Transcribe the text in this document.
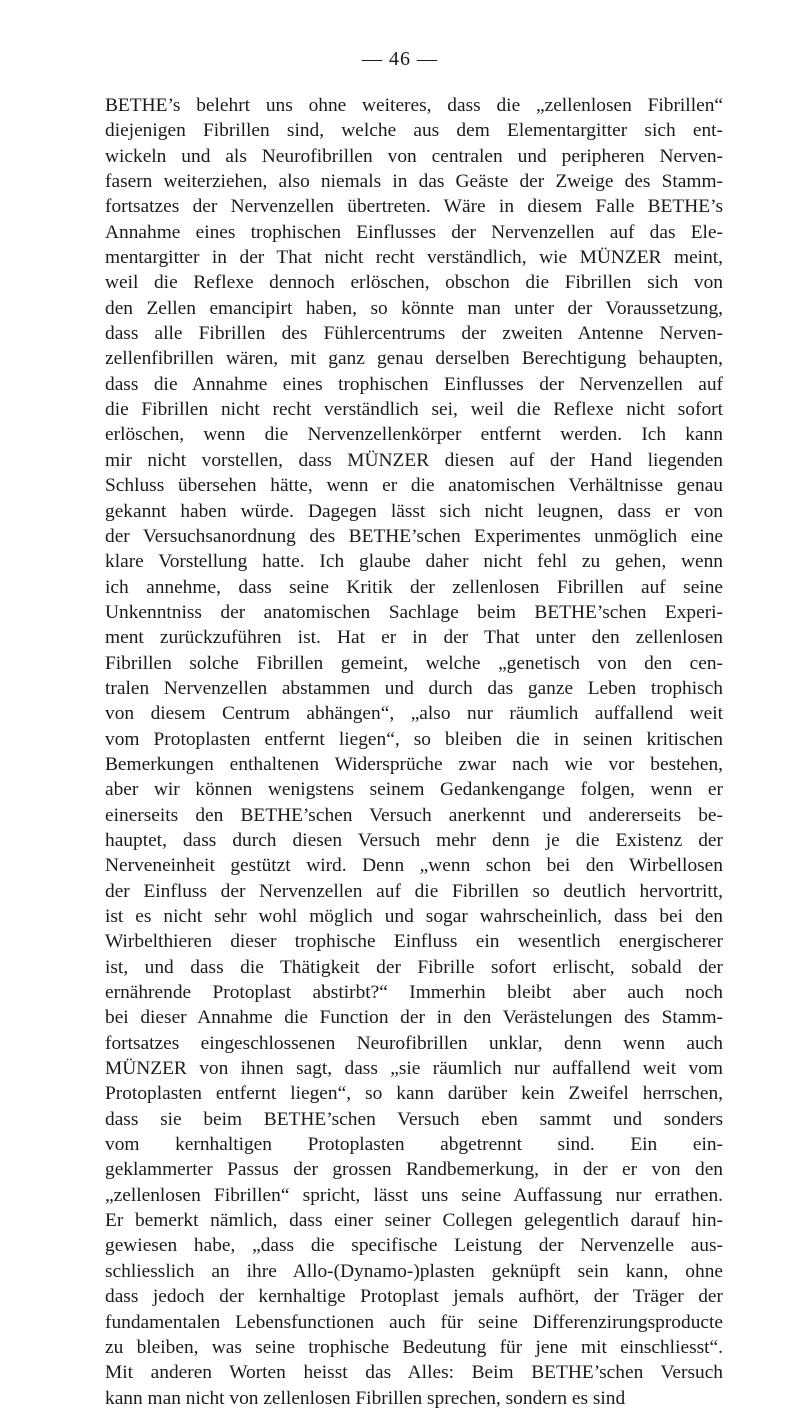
— 46 —
BETHE’s belehrt uns ohne weiteres, dass die „zellenlosen Fibrillen“
diejenigen Fibrillen sind, welche aus dem Elementargitter sich ent-
wickeln und als Neurofibrillen von centralen und peripheren Nerven-
fasern weiterziehen, also niemals in das Geäste der Zweige des Stamm-
fortsatzes der Nervenzellen übertreten. Wäre in diesem Falle BETHE’s
Annahme eines trophischen Einflusses der Nervenzellen auf das Ele-
mentargitter in der That nicht recht verständlich, wie MÜNZER meint,
weil die Reflexe dennoch erlöschen, obschon die Fibrillen sich von
den Zellen emancipirt haben, so könnte man unter der Voraussetzung,
dass alle Fibrillen des Fühlercentrums der zweiten Antenne Nerven-
zellenfibrillen wären, mit ganz genau derselben Berechtigung behaupten,
dass die Annahme eines trophischen Einflusses der Nervenzellen auf
die Fibrillen nicht recht verständlich sei, weil die Reflexe nicht sofort
erlöschen, wenn die Nervenzellenkörper entfernt werden. Ich kann
mir nicht vorstellen, dass MÜNZER diesen auf der Hand liegenden
Schluss übersehen hätte, wenn er die anatomischen Verhältnisse genau
gekannt haben würde. Dagegen lässt sich nicht leugnen, dass er von
der Versuchsanordnung des BETHE’schen Experimentes unmöglich eine
klare Vorstellung hatte. Ich glaube daher nicht fehl zu gehen, wenn
ich annehme, dass seine Kritik der zellenlosen Fibrillen auf seine
Unkenntniss der anatomischen Sachlage beim BETHE’schen Experi-
ment zurückzuführen ist. Hat er in der That unter den zellenlosen
Fibrillen solche Fibrillen gemeint, welche „genetisch von den cen-
tralen Nervenzellen abstammen und durch das ganze Leben trophisch
von diesem Centrum abhängen“, „also nur räumlich auffallend weit
vom Protoplasten entfernt liegen“, so bleiben die in seinen kritischen
Bemerkungen enthaltenen Widersprüche zwar nach wie vor bestehen,
aber wir können wenigstens seinem Gedankengange folgen, wenn er
einerseits den BETHE’schen Versuch anerkennt und andererseits be-
hauptet, dass durch diesen Versuch mehr denn je die Existenz der
Nerveneinheit gestützt wird. Denn „wenn schon bei den Wirbellosen
der Einfluss der Nervenzellen auf die Fibrillen so deutlich hervortritt,
ist es nicht sehr wohl möglich und sogar wahrscheinlich, dass bei den
Wirbelthieren dieser trophische Einfluss ein wesentlich energischerer
ist, und dass die Thätigkeit der Fibrille sofort erlischt, sobald der
ernährende Protoplast abstirbt?“ Immerhin bleibt aber auch noch
bei dieser Annahme die Function der in den Verästelungen des Stamm-
fortsatzes eingeschlossenen Neurofibrillen unklar, denn wenn auch
MÜNZER von ihnen sagt, dass „sie räumlich nur auffallend weit vom
Protoplasten entfernt liegen“, so kann darüber kein Zweifel herrschen,
dass sie beim BETHE’schen Versuch eben sammt und sonders
vom kernhaltigen Protoplasten abgetrennt sind. Ein ein-
geklammerter Passus der grossen Randbemerkung, in der er von den
„zellenlosen Fibrillen“ spricht, lässt uns seine Auffassung nur errathen.
Er bemerkt nämlich, dass einer seiner Collegen gelegentlich darauf hin-
gewiesen habe, „dass die specifische Leistung der Nervenzelle aus-
schliesslich an ihre Allo-(Dynamo-)plasten geknüpft sein kann, ohne
dass jedoch der kernhaltige Protoplast jemals aufhört, der Träger der
fundamentalen Lebensfunctionen auch für seine Differenzirungsproducte
zu bleiben, was seine trophische Bedeutung für jene mit einschliesst“.
Mit anderen Worten heisst das Alles: Beim BETHE’schen Versuch
kann man nicht von zellenlosen Fibrillen sprechen, sondern es sind
